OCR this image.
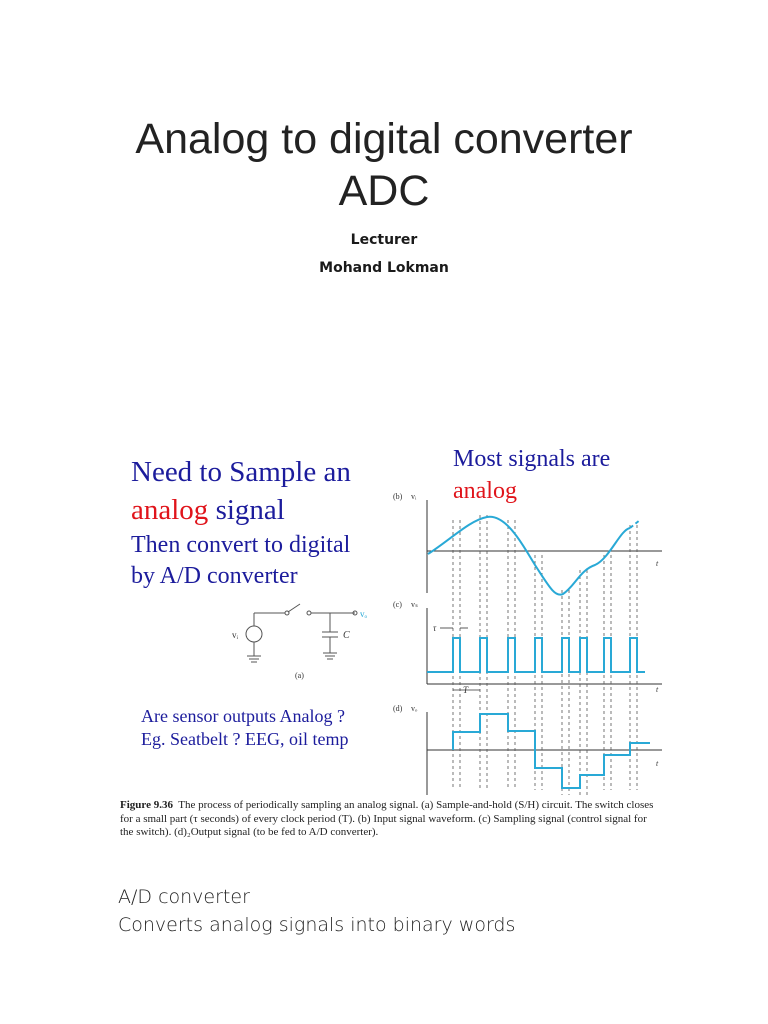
Analog to digital converter
ADC
Lecturer
Mohand Lokman
Need to Sample an
analog signal
Then convert to digital
by A/D converter
Most signals are
analog
Are sensor outputs Analog ?
Eg. Seatbelt ? EEG, oil temp
vᵢ	C
vₒ
(a)
(b) vᵢ
(c) vₛ
(d) vₒ
t
t
t
τ
T
Figure 9.36 The process of periodically sampling an analog signal. (a) Sample-and-hold (S/H) circuit. The switch closes for a small part (τ seconds) of every clock period (T). (b) Input signal waveform. (c) Sampling signal (control signal for the switch). (d)₂Output signal (to be fed to A/D converter).
A/D converter
Converts analog signals into binary words
